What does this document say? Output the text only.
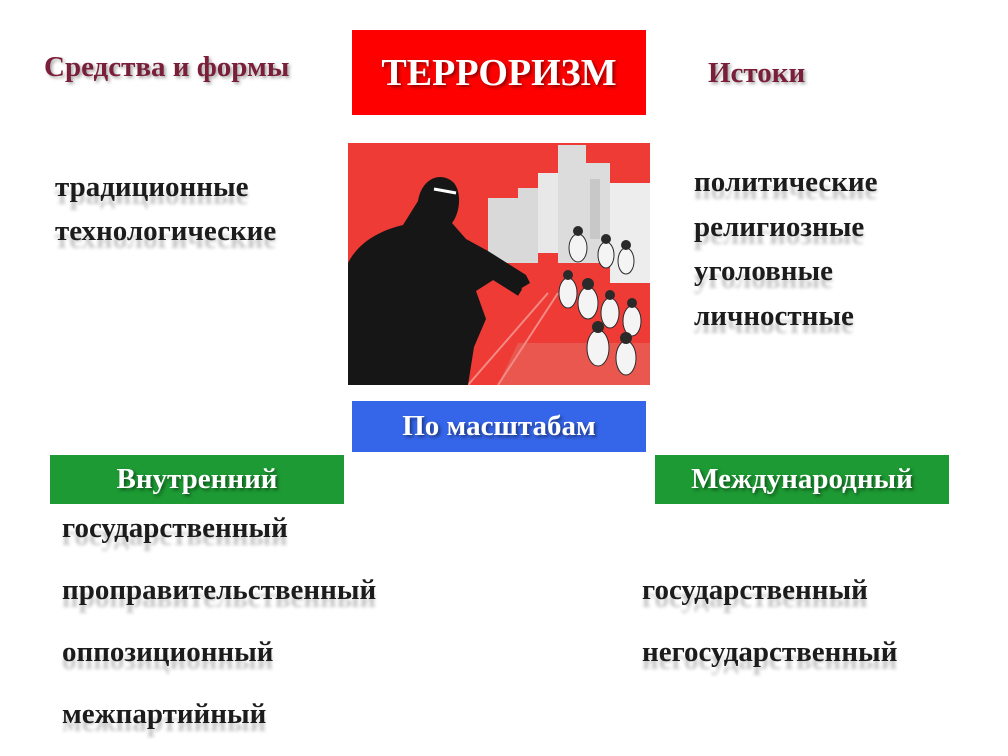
Средства и формы	Истоки
ТЕРРОРИЗМ
традиционные
технологические
политические
религиозные
уголовные
личностные
По масштабам
Внутренний	Международный
государственный
проправительственный
оппозиционный
межпартийный
государственный
негосударственный
